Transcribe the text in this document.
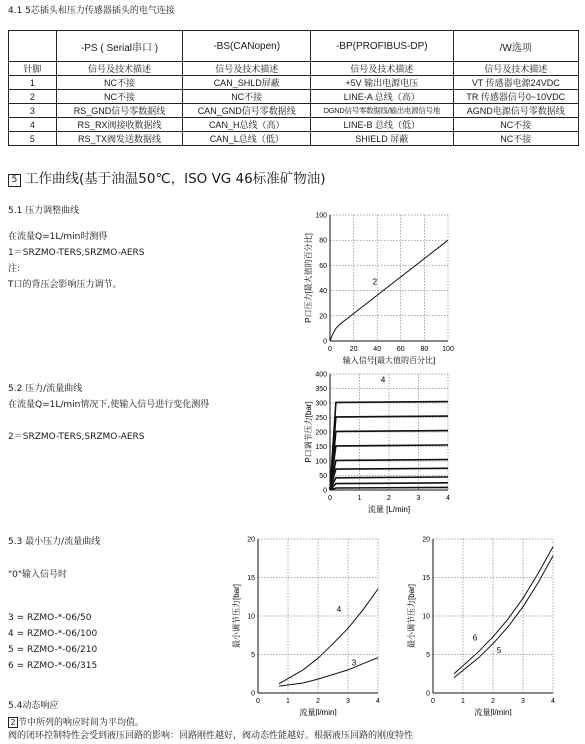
4.1 5芯插头和压力传感器插头的电气连接
	-PS ( Serial串口 )	-BS(CANopen)	-BP(PROFIBUS-DP)	/W选项
针脚	信号及技术描述	信号及技术描述	信号及技术描述	信号及技术描述
1	NC不接	CAN_SHLD屏蔽	+5V 输出电源电压	VT 传感器电源24VDC
2	NC不接	NC不接	LINE-A 总线（高）	TR 传感器信号0~10VDC
3	RS_GND信号零数据线	CAN_GND信号零数据线	DGND信号零数据线/输出电源信号地	AGND电源信号零数据线
4	RS_RX阀接收数据线	CAN_H总线（高）	LINE-B 总线（低）	NC不接
5	RS_TX阀发送数据线	CAN_L总线（低）	SHIELD 屏蔽	NC不接
5 工作曲线(基于油温50℃，ISO VG 46标准矿物油)
5.1 压力调整曲线
在流量Q=1L/min时测得
1＝SRZMO-TERS,SRZMO-AERS
注:
T口的背压会影响压力调节。
5.2 压力/流量曲线
在流量Q=1L/min情况下,使输入信号进行变化测得
2＝SRZMO-TERS,SRZMO-AERS
5.3 最小压力/流量曲线
"0"输入信号时
3 = RZMO-*-06/50
4 = RZMO-*-06/100
5 = RZMO-*-06/210
6 = RZMO-*-06/315
5.4动态响应
2 节中所列的响应时间为平均值。
阀的闭环控制特性会受到液压回路的影响：回路刚性越好，阀动态性能越好。根据液压回路的刚度特性
0	20 40 60 80 100
0
20
40
60
80
100
输入信号[最大值的百分比]
P口压力[最大值的百分比]	2
0	1	2	3	4
0
50
100
150
200
250
300
350
400
流量 [L/min]
P口调节压力[bar]
4
0	1	2	3	4
0
5
10
15
20
流量[l/min]
最小调节压力[bar]	4
3
0	1	2	3	4
0
5
10
15
20
流量[l/min]
最小调节压力[bar]	6
5
